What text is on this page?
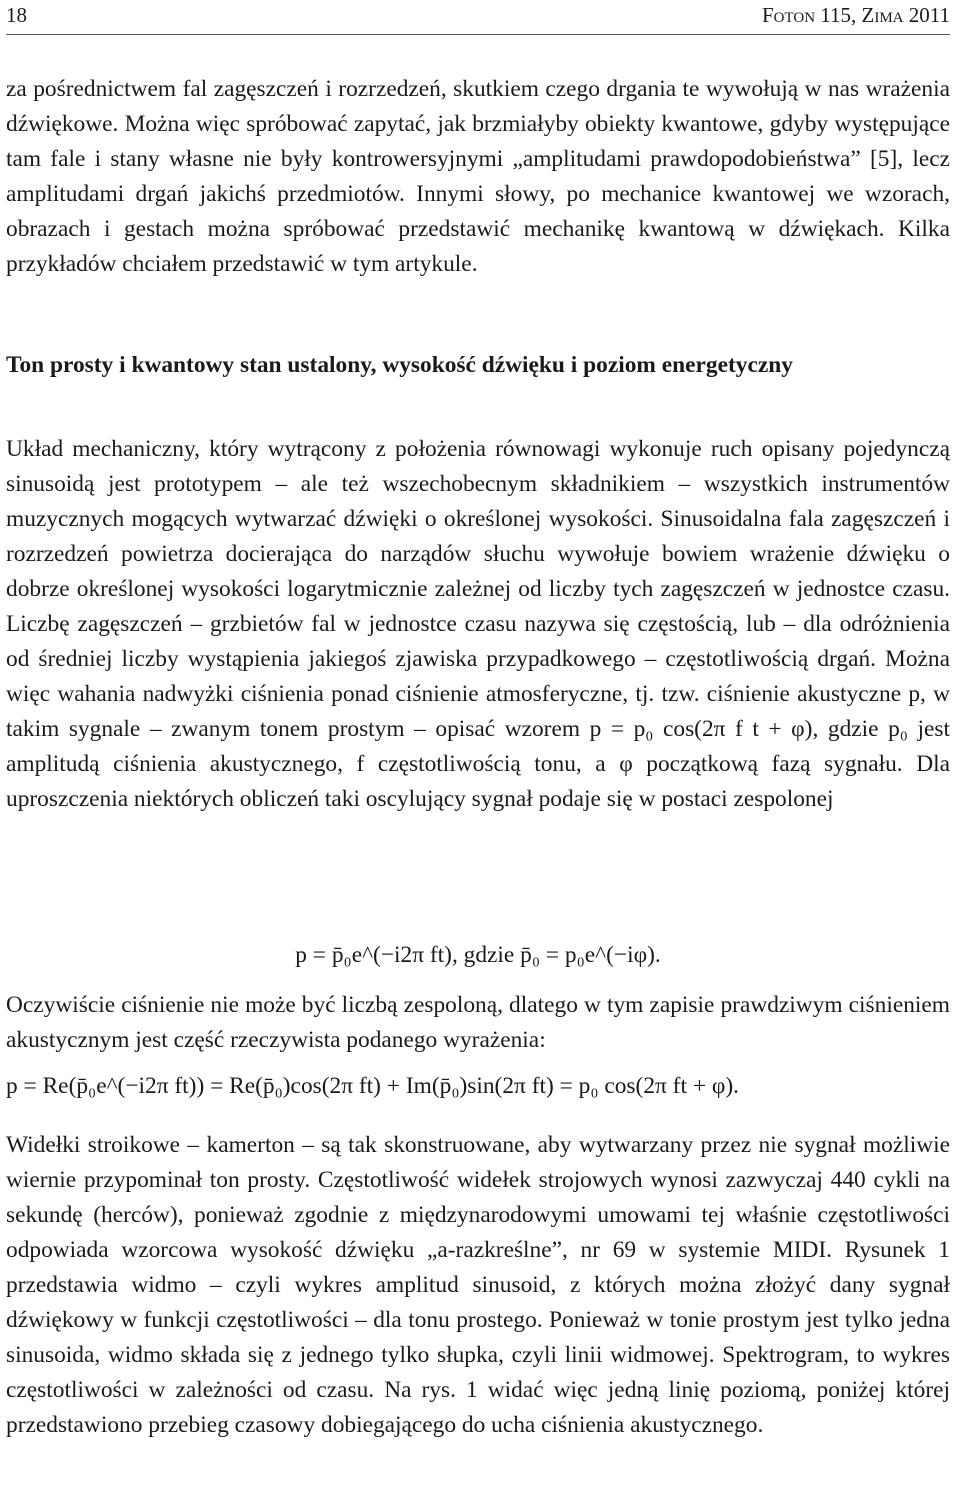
18	Foton 115, Zima 2011
za pośrednictwem fal zagęszczeń i rozrzedzeń, skutkiem czego drgania te wywołują w nas wrażenia dźwiękowe. Można więc spróbować zapytać, jak brzmiałyby obiekty kwantowe, gdyby występujące tam fale i stany własne nie były kontrowersyjnymi „amplitudami prawdopodobieństwa” [5], lecz amplitudami drgań jakichś przedmiotów. Innymi słowy, po mechanice kwantowej we wzorach, obrazach i gestach można spróbować przedstawić mechanikę kwantową w dźwiękach. Kilka przykładów chciałem przedstawić w tym artykule.
Ton prosty i kwantowy stan ustalony, wysokość dźwięku i poziom energetyczny
Układ mechaniczny, który wytrącony z położenia równowagi wykonuje ruch opisany pojedynczą sinusoidą jest prototypem – ale też wszechobecnym składnikiem – wszystkich instrumentów muzycznych mogących wytwarzać dźwięki o określonej wysokości. Sinusoidalna fala zagęszczeń i rozrzedzeń powietrza docierająca do narządów słuchu wywołuje bowiem wrażenie dźwięku o dobrze określonej wysokości logarytmicznie zależnej od liczby tych zagęszczeń w jednostce czasu. Liczbę zagęszczeń – grzbietów fal w jednostce czasu nazywa się częstością, lub – dla odróżnienia od średniej liczby wystąpienia jakiegoś zjawiska przypadkowego – częstotliwością drgań. Można więc wahania nadwyżki ciśnienia ponad ciśnienie atmosferyczne, tj. tzw. ciśnienie akustyczne p, w takim sygnale – zwanym tonem prostym – opisać wzorem p = p₀ cos(2π f t + φ), gdzie p₀ jest amplitudą ciśnienia akustycznego, f częstotliwością tonu, a φ początkową fazą sygnału. Dla uproszczenia niektórych obliczeń taki oscylujący sygnał podaje się w postaci zespolonej
p = p̄₀e^(−i2π ft), gdzie p̄₀ = p₀e^(−iφ).
Oczywiście ciśnienie nie może być liczbą zespoloną, dlatego w tym zapisie prawdziwym ciśnieniem akustycznym jest część rzeczywista podanego wyrażenia:
p = Re(p̄₀e^(−i2π ft)) = Re(p̄₀)cos(2π ft) + Im(p̄₀)sin(2π ft) = p₀ cos(2π ft + φ).
Widełki stroikowe – kamerton – są tak skonstruowane, aby wytwarzany przez nie sygnał możliwie wiernie przypominał ton prosty. Częstotliwość widełek strojowych wynosi zazwyczaj 440 cykli na sekundę (herców), ponieważ zgodnie z międzynarodowymi umowami tej właśnie częstotliwości odpowiada wzorcowa wysokość dźwięku „a-razkreślne”, nr 69 w systemie MIDI. Rysunek 1 przedstawia widmo – czyli wykres amplitud sinusoid, z których można złożyć dany sygnał dźwiękowy w funkcji częstotliwości – dla tonu prostego. Ponieważ w tonie prostym jest tylko jedna sinusoida, widmo składa się z jednego tylko słupka, czyli linii widmowej. Spektrogram, to wykres częstotliwości w zależności od czasu. Na rys. 1 widać więc jedną linię poziomą, poniżej której przedstawiono przebieg czasowy dobiegającego do ucha ciśnienia akustycznego.
